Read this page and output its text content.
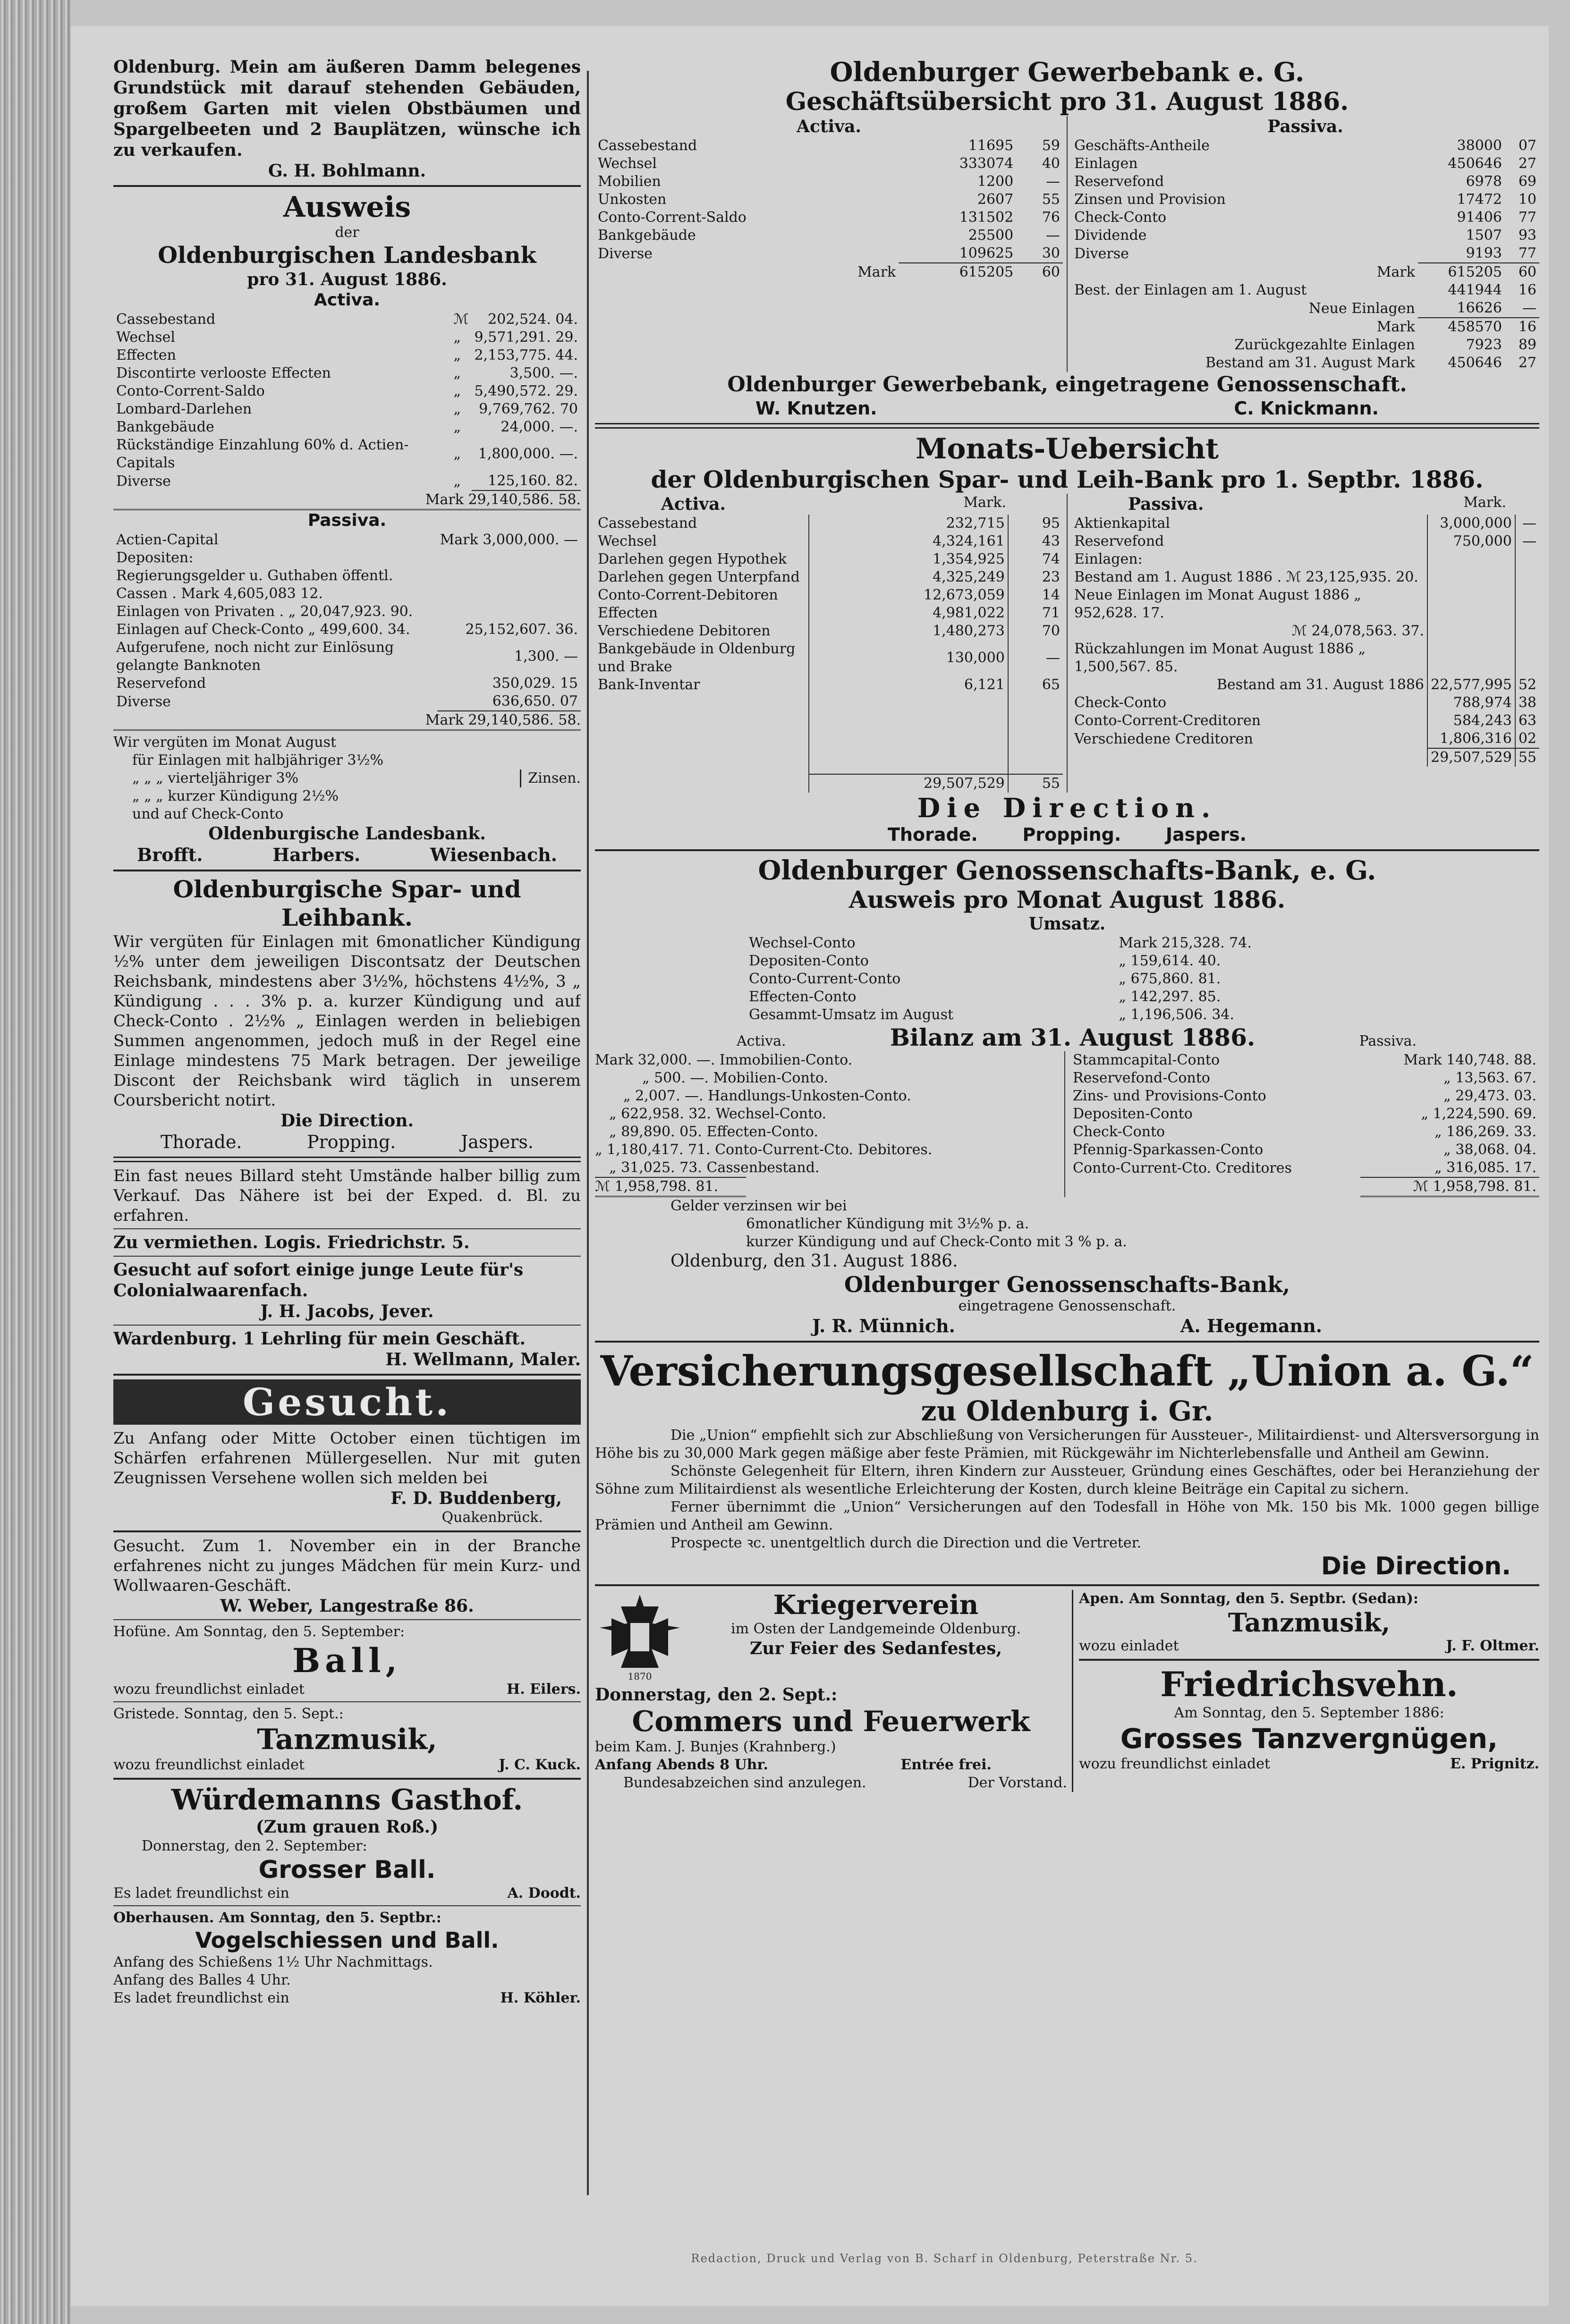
Oldenburg. Mein am äußeren Damm belegenes Grundstück mit darauf stehenden Gebäuden, großem Garten mit vielen Obstbäumen und Spargelbeeten und 2 Bauplätzen, wünsche ich zu verkaufen.
G. H. Bohlmann.
Ausweis
der
Oldenburgischen Landesbank
pro 31. August 1886.
Activa.
Cassebestand	ℳ	202,524. 04.
Wechsel	„	9,571,291. 29.
Effecten	„	2,153,775. 44.
Discontirte verlooste Effecten	„	3,500. —.
Conto-Corrent-Saldo	„	5,490,572. 29.
Lombard-Darlehen	„	9,769,762. 70
Bankgebäude	„	24,000. —.
Rückständige Einzahlung 60% d. Actien-Capitals	„	1,800,000. —.
Diverse	„	125,160. 82.
Mark 29,140,586. 58.
Passiva.
Actien-Capital	Mark 3,000,000. —
Depositen:	
Regierungsgelder u. Guthaben öffentl. Cassen . Mark 4,605,083 12.	
Einlagen von Privaten . „ 20,047,923. 90.	
Einlagen auf Check-Conto „ 499,600. 34.	25,152,607. 36.
Aufgerufene, noch nicht zur Einlösung gelangte Banknoten	1,300. —
Reservefond	350,029. 15
Diverse	636,650. 07
Mark 29,140,586. 58.
Wir vergüten im Monat August
für Einlagen mit halbjähriger 3½%
„ „ „ vierteljähriger 3%
„ „ „ kurzer Kündigung 2½%
und auf Check-Conto
Zinsen.
Oldenburgische Landesbank.
Brofft.	Harbers.	Wiesenbach.
Oldenburgische Spar- und Leihbank.
Wir vergüten für Einlagen mit 6monatlicher Kündigung ½% unter dem jeweiligen Discontsatz der Deutschen Reichsbank, mindestens aber 3½%, höchstens 4½%, 3 „ Kündigung . . . 3% p. a. kurzer Kündigung und auf Check-Conto . 2½% „ Einlagen werden in beliebigen Summen angenommen, jedoch muß in der Regel eine Einlage mindestens 75 Mark betragen. Der jeweilige Discont der Reichsbank wird täglich in unserem Coursbericht notirt.
Die Direction.
Thorade.	Propping.	Jaspers.
Ein fast neues Billard steht Umstände halber billig zum Verkauf. Das Nähere ist bei der Exped. d. Bl. zu erfahren.
Zu vermiethen. Logis. Friedrichstr. 5.
Gesucht auf sofort einige junge Leute für's Colonialwaarenfach.
J. H. Jacobs, Jever.
Wardenburg. 1 Lehrling für mein Geschäft.
H. Wellmann, Maler.
Gesucht.
Zu Anfang oder Mitte October einen tüchtigen im Schärfen erfahrenen Müllergesellen. Nur mit guten Zeugnissen Versehene wollen sich melden bei
F. D. Buddenberg,
Quakenbrück.
Gesucht. Zum 1. November ein in der Branche erfahrenes nicht zu junges Mädchen für mein Kurz- und Wollwaaren-Geschäft.
W. Weber, Langestraße 86.
Hofüne. Am Sonntag, den 5. September:
Ball,
wozu freundlichst einladet	H. Eilers.
Gristede. Sonntag, den 5. Sept.:
Tanzmusik,
wozu freundlichst einladet	J. C. Kuck.
Würdemanns Gasthof.
(Zum grauen Roß.)
Donnerstag, den 2. September:
Grosser Ball.
Es ladet freundlichst ein	A. Doodt.
Oberhausen. Am Sonntag, den 5. Septbr.:
Vogelschiessen und Ball.
Anfang des Schießens 1½ Uhr Nachmittags.
Anfang des Balles 4 Uhr.
Es ladet freundlichst ein	H. Köhler.
Oldenburger Gewerbebank e. G.
Geschäftsübersicht pro 31. August 1886.
Activa.
Cassebestand	11695	59
Wechsel	333074	40
Mobilien	1200	—
Unkosten	2607	55
Conto-Corrent-Saldo	131502	76
Bankgebäude	25500	—
Diverse	109625	30
Mark	615205	60
Passiva.
Geschäfts-Antheile	38000	07
Einlagen	450646	27
Reservefond	6978	69
Zinsen und Provision	17472	10
Check-Conto	91406	77
Dividende	1507	93
Diverse	9193	77
Mark	615205	60
Best. der Einlagen am 1. August	441944	16
Neue Einlagen	16626	—
Mark	458570	16
Zurückgezahlte Einlagen	7923	89
Bestand am 31. August Mark	450646	27
Oldenburger Gewerbebank, eingetragene Genossenschaft.
W. Knutzen.	C. Knickmann.
Monats-Uebersicht
der Oldenburgischen Spar- und Leih-Bank pro 1. Septbr. 1886.
Activa.	Mark.
Cassebestand	232,715	95
Wechsel	4,324,161	43
Darlehen gegen Hypothek	1,354,925	74
Darlehen gegen Unterpfand	4,325,249	23
Conto-Corrent-Debitoren	12,673,059	14
Effecten	4,981,022	71
Verschiedene Debitoren	1,480,273	70
Bankgebäude in Oldenburg und Brake	130,000	—
Bank-Inventar	6,121	65

	29,507,529	55
Passiva.	Mark.
Aktienkapital	3,000,000	—
Reservefond	750,000	—
Einlagen:		
Bestand am 1. August 1886 . ℳ 23,125,935. 20.		
Neue Einlagen im Monat August 1886 „ 952,628. 17.		
ℳ 24,078,563. 37.		
Rückzahlungen im Monat August 1886 „ 1,500,567. 85.		
Bestand am 31. August 1886	22,577,995	52
Check-Conto	788,974	38
Conto-Corrent-Creditoren	584,243	63
Verschiedene Creditoren	1,806,316	02
	29,507,529	55
Die Direction.
Thorade. Propping. Jaspers.
Oldenburger Genossenschafts-Bank, e. G.
Ausweis pro Monat August 1886.
Umsatz.
Wechsel-Conto	Mark 215,328. 74.
Depositen-Conto	„ 159,614. 40.
Conto-Current-Conto	„ 675,860. 81.
Effecten-Conto	„ 142,297. 85.
Gesammt-Umsatz im August	„ 1,196,506. 34.
Activa.	Bilanz am 31. August 1886.	Passiva.
Mark 32,000. —. Immobilien-Conto.
„ 500. —. Mobilien-Conto.
„ 2,007. —. Handlungs-Unkosten-Conto.
„ 622,958. 32. Wechsel-Conto.
„ 89,890. 05. Effecten-Conto.
„ 1,180,417. 71. Conto-Current-Cto. Debitores.
„ 31,025. 73. Cassenbestand.
ℳ 1,958,798. 81.
Stammcapital-Conto	Mark 140,748. 88.
Reservefond-Conto	„ 13,563. 67.
Zins- und Provisions-Conto	„ 29,473. 03.
Depositen-Conto	„ 1,224,590. 69.
Check-Conto	„ 186,269. 33.
Pfennig-Sparkassen-Conto	„ 38,068. 04.
Conto-Current-Cto. Creditores	„ 316,085. 17.
	ℳ 1,958,798. 81.
Gelder verzinsen wir bei
6monatlicher Kündigung mit 3½% p. a.
kurzer Kündigung und auf Check-Conto mit 3 % p. a.
Oldenburg, den 31. August 1886.
Oldenburger Genossenschafts-Bank,
eingetragene Genossenschaft.
J. R. Münnich.	A. Hegemann.
Versicherungsgesellschaft „Union a. G.“
zu Oldenburg i. Gr.
Die „Union“ empfiehlt sich zur Abschließung von Versicherungen für Aussteuer-, Militairdienst- und Altersversorgung in Höhe bis zu 30,000 Mark gegen mäßige aber feste Prämien, mit Rückgewähr im Nichterlebensfalle und Antheil am Gewinn.
Schönste Gelegenheit für Eltern, ihren Kindern zur Aussteuer, Gründung eines Geschäftes, oder bei Heranziehung der Söhne zum Militairdienst als wesentliche Erleichterung der Kosten, durch kleine Beiträge ein Capital zu sichern.
Ferner übernimmt die „Union“ Versicherungen auf den Todesfall in Höhe von Mk. 150 bis Mk. 1000 gegen billige Prämien und Antheil am Gewinn.
Prospecte ꝛc. unentgeltlich durch die Direction und die Vertreter.
Die Direction.
1870
Kriegerverein
im Osten der Landgemeinde Oldenburg.
Zur Feier des Sedanfestes,
Donnerstag, den 2. Sept.:
Commers und Feuerwerk
beim Kam. J. Bunjes (Krahnberg.)
Anfang Abends 8 Uhr.	Entrée frei.
Bundesabzeichen sind anzulegen.	Der Vorstand.
Apen. Am Sonntag, den 5. Septbr. (Sedan):
Tanzmusik,
wozu einladet	J. F. Oltmer.
Friedrichsvehn.
Am Sonntag, den 5. September 1886:
Grosses Tanzvergnügen,
wozu freundlichst einladet	E. Prignitz.
Redaction, Druck und Verlag von B. Scharf in Oldenburg, Peterstraße Nr. 5.
